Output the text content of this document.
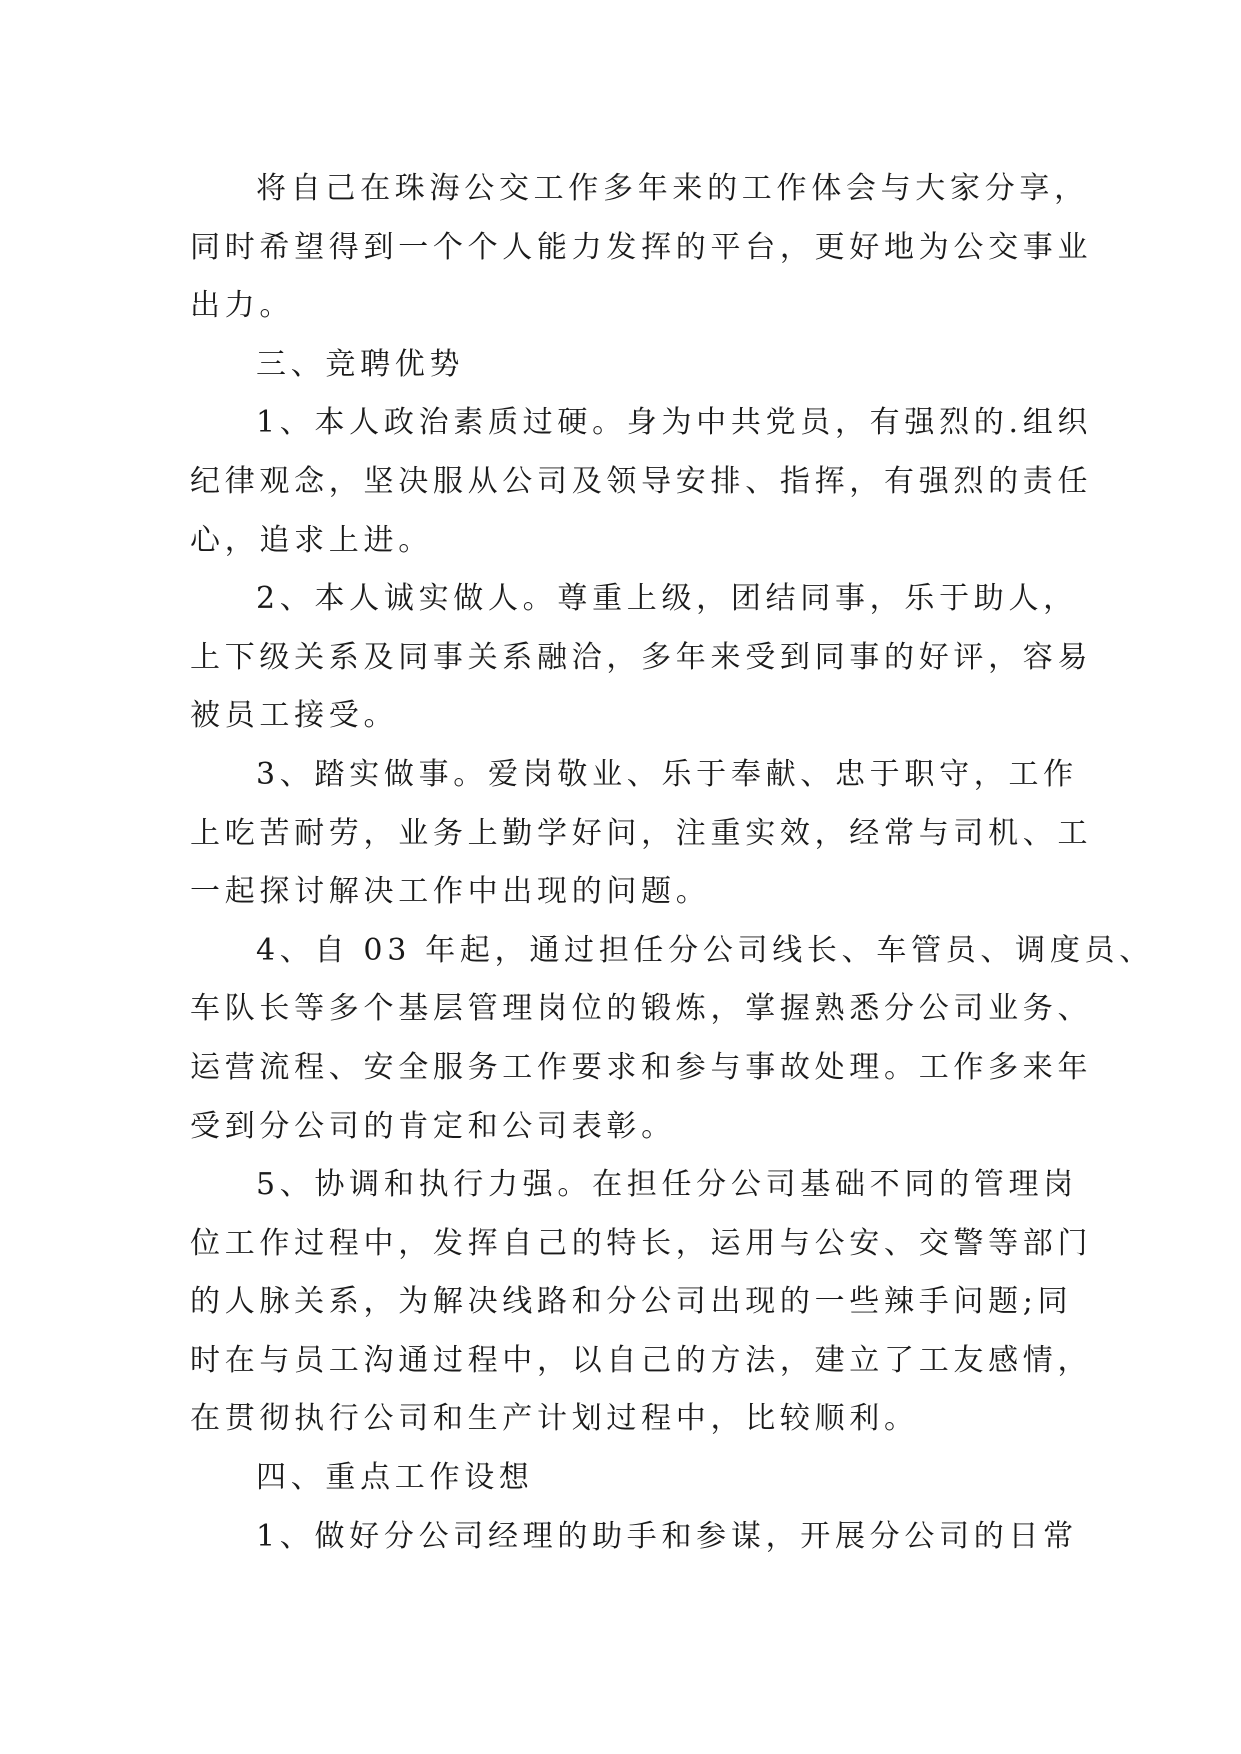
将自己在珠海公交工作多年来的工作体会与大家分享，
同时希望得到一个个人能力发挥的平台，更好地为公交事业
出力。
三、竞聘优势
1、本人政治素质过硬。身为中共党员，有强烈的.组织
纪律观念，坚决服从公司及领导安排、指挥，有强烈的责任
心，追求上进。
2、本人诚实做人。尊重上级，团结同事，乐于助人，
上下级关系及同事关系融洽，多年来受到同事的好评，容易
被员工接受。
3、踏实做事。爱岗敬业、乐于奉献、忠于职守，工作
上吃苦耐劳，业务上勤学好问，注重实效，经常与司机、工
一起探讨解决工作中出现的问题。
4、自 03 年起，通过担任分公司线长、车管员、调度员、
车队长等多个基层管理岗位的锻炼，掌握熟悉分公司业务、
运营流程、安全服务工作要求和参与事故处理。工作多来年
受到分公司的肯定和公司表彰。
5、协调和执行力强。在担任分公司基础不同的管理岗
位工作过程中，发挥自己的特长，运用与公安、交警等部门
的人脉关系，为解决线路和分公司出现的一些辣手问题;同
时在与员工沟通过程中，以自己的方法，建立了工友感情，
在贯彻执行公司和生产计划过程中，比较顺利。
四、重点工作设想
1、做好分公司经理的助手和参谋，开展分公司的日常
